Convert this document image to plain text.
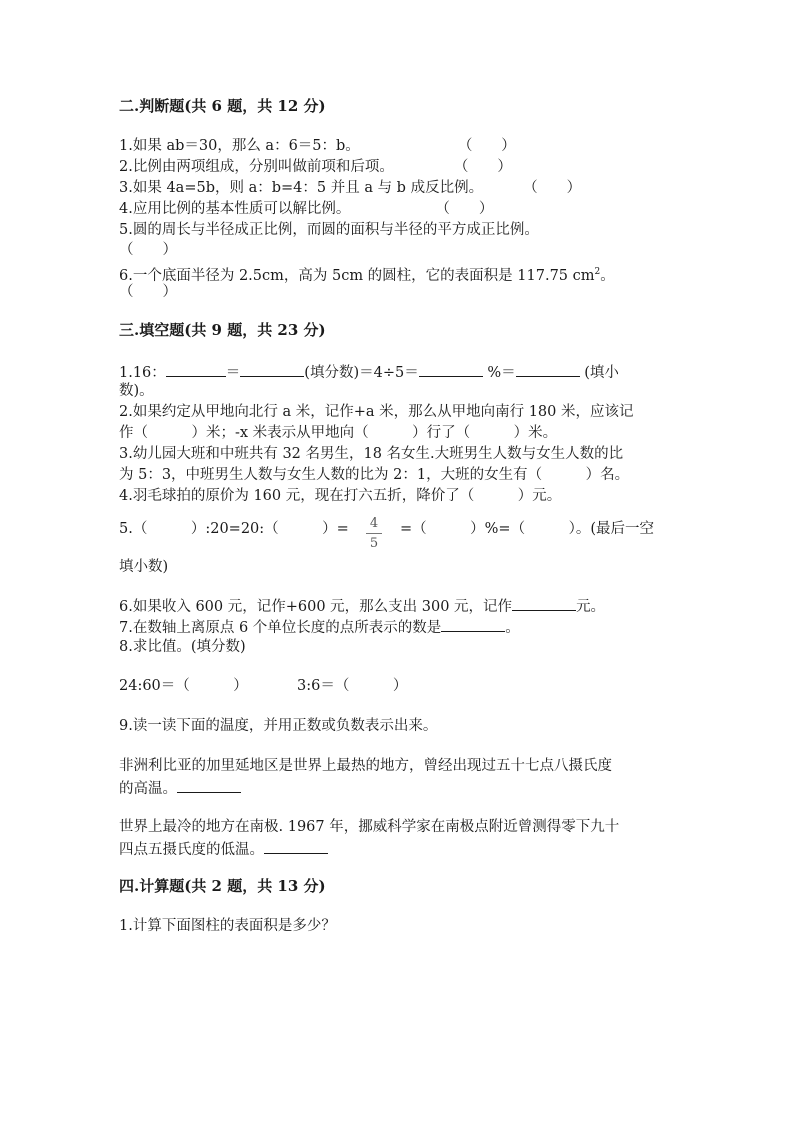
二.判断题(共 6 题，共 12 分)
1.如果 ab＝30，那么 a：6＝5：b。	（　　）
2.比例由两项组成，分别叫做前项和后项。	（　　）
3.如果 4a=5b，则 a：b=4：5 并且 a 与 b 成反比例。	（　　）
4.应用比例的基本性质可以解比例。	（　　）
5.圆的周长与半径成正比例，而圆的面积与半径的平方成正比例。
（　　）
6.一个底面半径为 2.5cm，高为 5cm 的圆柱，它的表面积是 117.75 $cm^2$。
（　　）
三.填空题(共 9 题，共 23 分)
1.16：	＝	(填分数)＝4÷5＝	%＝	(填小
数)。
2.如果约定从甲地向北行 a 米，记作+a 米，那么从甲地向南行 180 米，应该记
作（　　　）米；-x 米表示从甲地向（　　　）行了（　　　）米。
3.幼儿园大班和中班共有 32 名男生，18 名女生.大班男生人数与女生人数的比
为 5：3，中班男生人数与女生人数的比为 2：1，大班的女生有（　　　）名。
4.羽毛球拍的原价为 160 元，现在打六五折，降价了（　　　）元。
5.（　　　）:20=20:（　　　）= 4
5
=（　　　）%=（　　　）。(最后一空
填小数)
6.如果收入 600 元，记作+600 元，那么支出 300 元，记作	元。
7.在数轴上离原点 6 个单位长度的点所表示的数是	。
8.求比值。(填分数)
24:60＝（　　　）	3:6＝（　　　）
9.读一读下面的温度，并用正数或负数表示出来。
非洲利比亚的加里延地区是世界上最热的地方，曾经出现过五十七点八摄氏度
的高温。
世界上最冷的地方在南极. 1967 年，挪威科学家在南极点附近曾测得零下九十
四点五摄氏度的低温。
四.计算题(共 2 题，共 13 分)
1.计算下面图柱的表面积是多少？
